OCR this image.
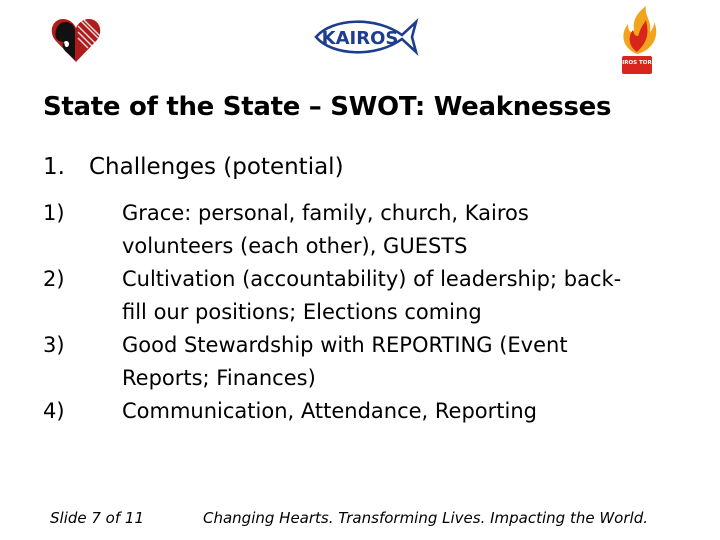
KAIROS
KAIROS TORCH
State of the State – SWOT: Weaknesses
1. Challenges (potential)
1)	Grace: personal, family, church, Kairos
volunteers (each other), GUESTS
2)	Cultivation (accountability) of leadership; back-
fill our positions; Elections coming
3)	Good Stewardship with REPORTING (Event
Reports; Finances)
4)	Communication, Attendance, Reporting
Slide 7 of 11	Changing Hearts. Transforming Lives. Impacting the World.
